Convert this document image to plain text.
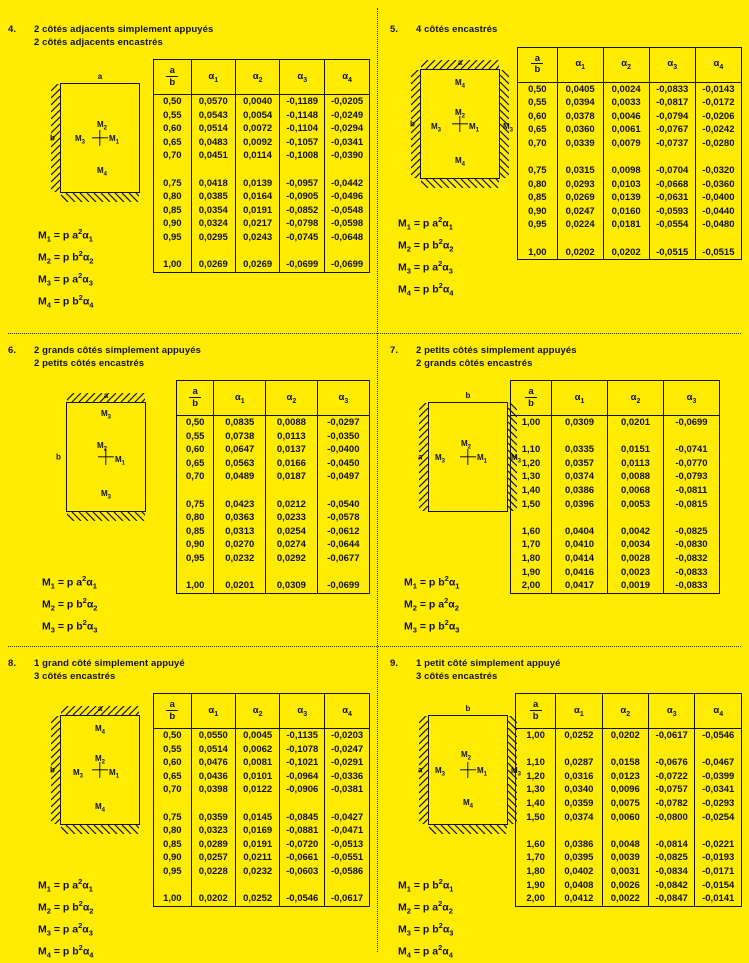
4.	2 côtés adjacents simplement appuyés
2 côtés adjacents encastrés
a
b
$M_2$
$M_3$	$M_1$
$M_4$
$M_1 = p$ $a^2\alpha_1$
$M_2 = p$ $b^2\alpha_2$
$M_3 = p$ $a^2\alpha_3$
$M_4 = p$ $b^2\alpha_4$
$\frac{a}{b}$	$\alpha_1$	$\alpha_2$	$\alpha_3$	$\alpha_4$
0,50	0,0570	0,0040	-0,1189	-0,0205
0,55	0,0543	0,0054	-0,1148	-0,0249
0,60	0,0514	0,0072	-0,1104	-0,0294
0,65	0,0483	0,0092	-0,1057	-0,0341
0,70	0,0451	0,0114	-0,1008	-0,0390

0,75	0,0418	0,0139	-0,0957	-0,0442
0,80	0,0385	0,0164	-0,0905	-0,0496
0,85	0,0354	0,0191	-0,0852	-0,0548
0,90	0,0324	0,0217	-0,0798	-0,0598
0,95	0,0295	0,0243	-0,0745	-0,0648

1,00	0,0269	0,0269	-0,0699	-0,0699
5.	4 côtés encastrés
a
b
$M_4$
$M_2$
$M_3$	$M_1$	$M_3$
$M_4$
$M_1 = p$ $a^2\alpha_1$
$M_2 = p$ $b^2\alpha_2$
$M_3 = p$ $a^2\alpha_3$
$M_4 = p$ $b^2\alpha_4$
$\frac{a}{b}$	$\alpha_1$	$\alpha_2$	$\alpha_3$	$\alpha_4$
0,50	0,0405	0,0024	-0,0833	-0,0143
0,55	0,0394	0,0033	-0,0817	-0,0172
0,60	0,0378	0,0046	-0,0794	-0,0206
0,65	0,0360	0,0061	-0,0767	-0,0242
0,70	0,0339	0,0079	-0,0737	-0,0280

0,75	0,0315	0,0098	-0,0704	-0,0320
0,80	0,0293	0,0103	-0,0668	-0,0360
0,85	0,0269	0,0139	-0,0631	-0,0400
0,90	0,0247	0,0160	-0,0593	-0,0440
0,95	0,0224	0,0181	-0,0554	-0,0480

1,00	0,0202	0,0202	-0,0515	-0,0515
6.	2 grands côtés simplement appuyés
2 petits côtés encastrés
a
b
$M_3$
$M_2$
$M_1$
$M_3$
$M_1 = p$ $a^2\alpha_1$
$M_2 = p$ $b^2\alpha_2$
$M_3 = p$ $b^2\alpha_3$
$\frac{a}{b}$	$\alpha_1$	$\alpha_2$	$\alpha_3$
0,50	0,0835	0,0088	-0,0297
0,55	0,0738	0,0113	-0,0350
0,60	0,0647	0,0137	-0,0400
0,65	0,0563	0,0166	-0,0450
0,70	0,0489	0,0187	-0,0497

0,75	0,0423	0,0212	-0,0540
0,80	0,0363	0,0233	-0,0578
0,85	0,0313	0,0254	-0,0612
0,90	0,0270	0,0274	-0,0644
0,95	0,0232	0,0292	-0,0677

1,00	0,0201	0,0309	-0,0699
7.	2 petits côtés simplement appuyés
2 grands côtés encastrés
b
a
$M_2$
$M_3$	$M_1$	$M_3$
$M_1 = p$ $b^2\alpha_1$
$M_2 = p$ $a^2\alpha_2$
$M_3 = p$ $b^2\alpha_3$
$\frac{a}{b}$	$\alpha_1$	$\alpha_2$	$\alpha_3$
1,00	0,0309	0,0201	-0,0699

1,10	0,0335	0,0151	-0,0741
1,20	0,0357	0,0113	-0,0770
1,30	0,0374	0,0088	-0,0793
1,40	0,0386	0,0068	-0,0811
1,50	0,0396	0,0053	-0,0815

1,60	0,0404	0,0042	-0,0825
1,70	0,0410	0,0034	-0,0830
1,80	0,0414	0,0028	-0,0832
1,90	0,0416	0,0023	-0,0833
2,00	0,0417	0,0019	-0,0833
8.	1 grand côté simplement appuyé
3 côtés encastrés
a
b
$M_4$
$M_2$
$M_3$	$M_1$
$M_4$
$M_1 = p$ $a^2\alpha_1$
$M_2 = p$ $b^2\alpha_2$
$M_3 = p$ $a^2\alpha_3$
$M_4 = p$ $b^2\alpha_4$
$\frac{a}{b}$	$\alpha_1$	$\alpha_2$	$\alpha_3$	$\alpha_4$
0,50	0,0550	0,0045	-0,1135	-0,0203
0,55	0,0514	0,0062	-0,1078	-0,0247
0,60	0,0476	0,0081	-0,1021	-0,0291
0,65	0,0436	0,0101	-0,0964	-0,0336
0,70	0,0398	0,0122	-0,0906	-0,0381

0,75	0,0359	0,0145	-0,0845	-0,0427
0,80	0,0323	0,0169	-0,0881	-0,0471
0,85	0,0289	0,0191	-0,0720	-0,0513
0,90	0,0257	0,0211	-0,0661	-0,0551
0,95	0,0228	0,0232	-0,0603	-0,0586

1,00	0,0202	0,0252	-0,0546	-0,0617
9.	1 petit côté simplement appuyé
3 côtés encastrés
b
a
$M_2$
$M_3$	$M_1$	$M_3$
$M_4$
$M_1 = p$ $b^2\alpha_1$
$M_2 = p$ $a^2\alpha_2$
$M_3 = p$ $b^2\alpha_3$
$M_4 = p$ $a^2\alpha_4$
$\frac{a}{b}$	$\alpha_1$	$\alpha_2$	$\alpha_3$	$\alpha_4$
1,00	0,0252	0,0202	-0,0617	-0,0546

1,10	0,0287	0,0158	-0,0676	-0,0467
1,20	0,0316	0,0123	-0,0722	-0,0399
1,30	0,0340	0,0096	-0,0757	-0,0341
1,40	0,0359	0,0075	-0,0782	-0,0293
1,50	0,0374	0,0060	-0,0800	-0,0254

1,60	0,0386	0,0048	-0,0814	-0,0221
1,70	0,0395	0,0039	-0,0825	-0,0193
1,80	0,0402	0,0031	-0,0834	-0,0171
1,90	0,0408	0,0026	-0,0842	-0,0154
2,00	0,0412	0,0022	-0,0847	-0,0141
